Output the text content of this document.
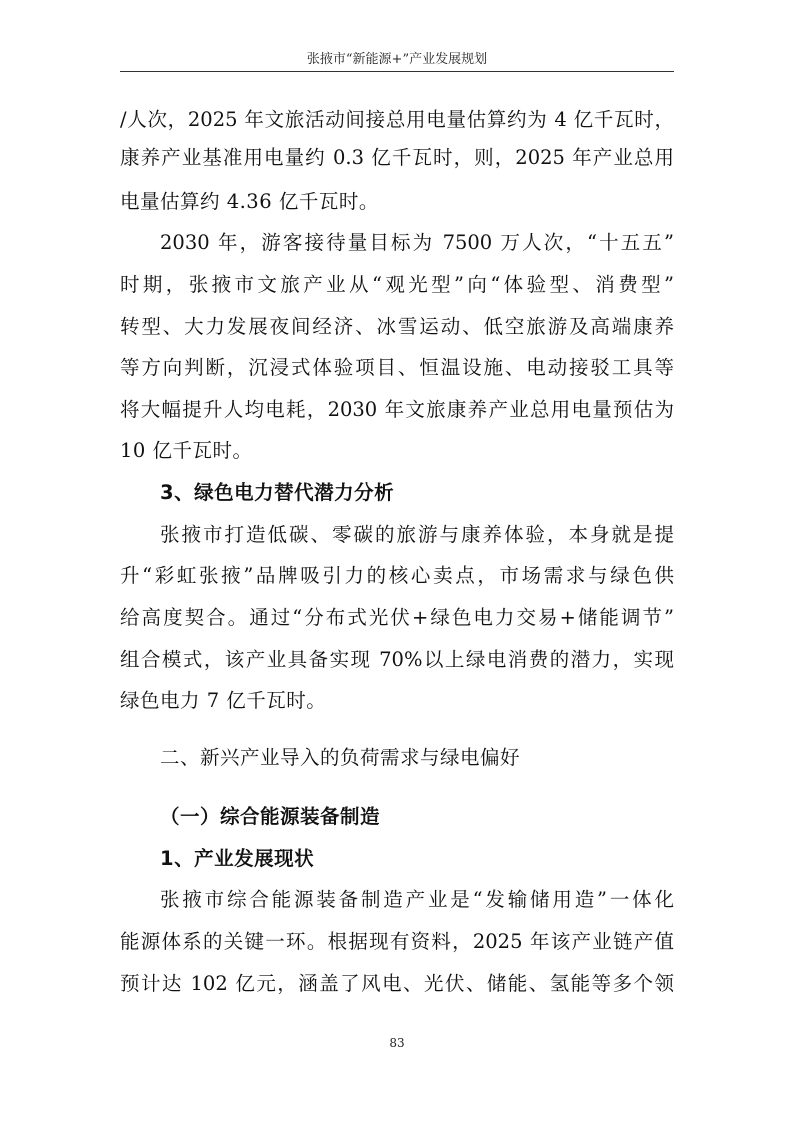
张掖市“新能源+”产业发展规划
/人次，2025 年文旅活动间接总用电量估算约为 4 亿千瓦时，
康养产业基准用电量约 0.3 亿千瓦时，则，2025 年产业总用
电量估算约 4.36 亿千瓦时。
2030 年，游客接待量目标为 7500 万人次，“十五五”
时期，张掖市文旅产业从“观光型”向“体验型、消费型”
转型、大力发展夜间经济、冰雪运动、低空旅游及高端康养
等方向判断，沉浸式体验项目、恒温设施、电动接驳工具等
将大幅提升人均电耗，2030 年文旅康养产业总用电量预估为
10 亿千瓦时。
3、绿色电力替代潜力分析
张掖市打造低碳、零碳的旅游与康养体验，本身就是提
升“彩虹张掖”品牌吸引力的核心卖点，市场需求与绿色供
给高度契合。通过“分布式光伏+绿色电力交易+储能调节”
组合模式，该产业具备实现 70%以上绿电消费的潜力，实现
绿色电力 7 亿千瓦时。
二、新兴产业导入的负荷需求与绿电偏好
（一）综合能源装备制造
1、产业发展现状
张掖市综合能源装备制造产业是“发输储用造”一体化
能源体系的关键一环。根据现有资料，2025 年该产业链产值
预计达 102 亿元，涵盖了风电、光伏、储能、氢能等多个领
83
